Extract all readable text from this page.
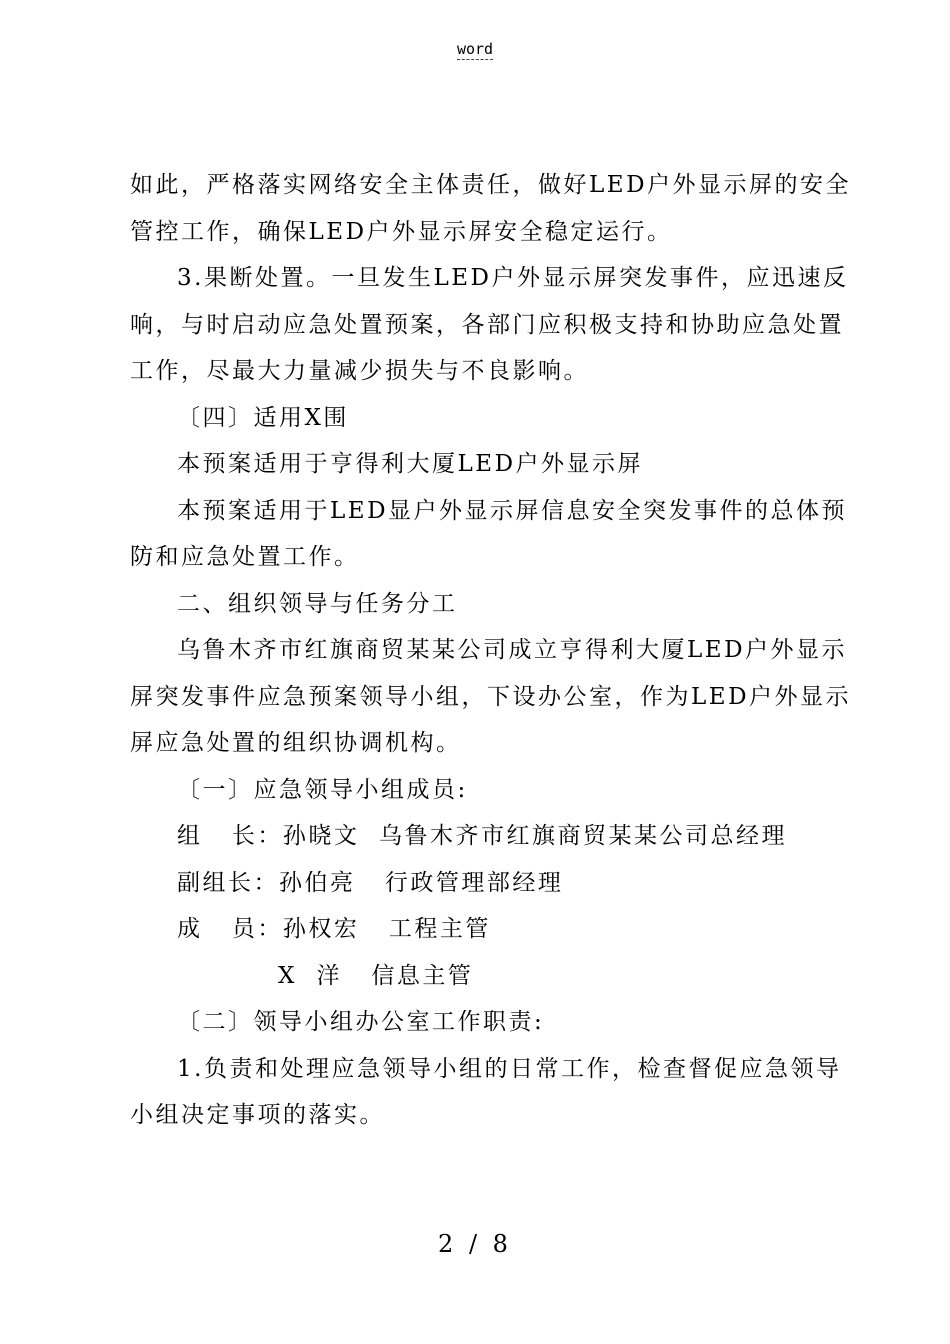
word

如此，严格落实网络安全主体责任，做好LED户外显示屏的安全

管控工作，确保LED户外显示屏安全稳定运行。

3.果断处置。一旦发生LED户外显示屏突发事件，应迅速反

响，与时启动应急处置预案，各部门应积极支持和协助应急处置

工作，尽最大力量减少损失与不良影响。

〔四〕适用X围

本预案适用于亨得利大厦LED户外显示屏

本预案适用于LED显户外显示屏信息安全突发事件的总体预

防和应急处置工作。

二、组织领导与任务分工

乌鲁木齐市红旗商贸某某公司成立亨得利大厦LED户外显示

屏突发事件应急预案领导小组，下设办公室，作为LED户外显示

屏应急处置的组织协调机构。

〔一〕应急领导小组成员:

组   长：孙晓文  乌鲁木齐市红旗商贸某某公司总经理

副组长：孙伯亮   行政管理部经理

成   员：孙权宏   工程主管

X  洋   信息主管

〔二〕领导小组办公室工作职责:

1.负责和处理应急领导小组的日常工作，检查督促应急领导

小组决定事项的落实。

2 / 8
